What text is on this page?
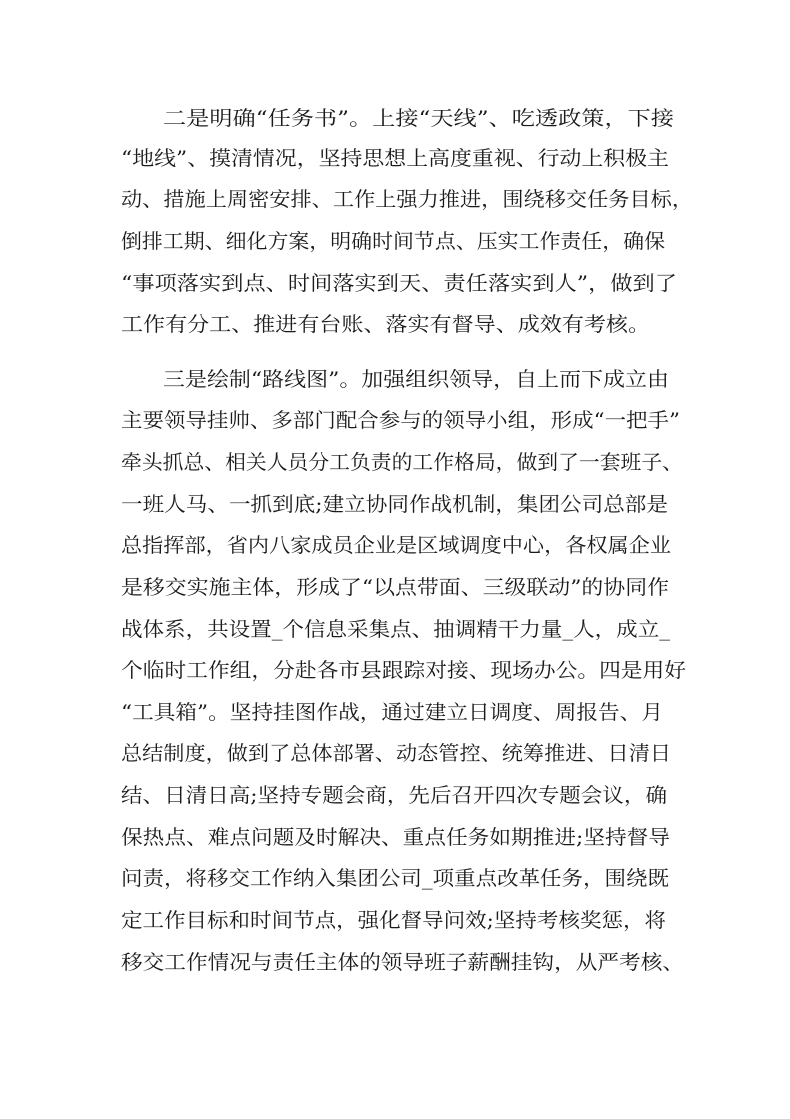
二是明确“任务书”。上接“天线”、吃透政策，下接
“地线”、摸清情况，坚持思想上高度重视、行动上积极主
动、措施上周密安排、工作上强力推进，围绕移交任务目标，
倒排工期、细化方案，明确时间节点、压实工作责任，确保
“事项落实到点、时间落实到天、责任落实到人”，做到了
工作有分工、推进有台账、落实有督导、成效有考核。
三是绘制“路线图”。加强组织领导，自上而下成立由
主要领导挂帅、多部门配合参与的领导小组，形成“一把手”
牵头抓总、相关人员分工负责的工作格局，做到了一套班子、
一班人马、一抓到底;建立协同作战机制，集团公司总部是
总指挥部，省内八家成员企业是区域调度中心，各权属企业
是移交实施主体，形成了“以点带面、三级联动”的协同作
战体系，共设置_个信息采集点、抽调精干力量_人，成立_
个临时工作组，分赴各市县跟踪对接、现场办公。四是用好
“工具箱”。坚持挂图作战，通过建立日调度、周报告、月
总结制度，做到了总体部署、动态管控、统筹推进、日清日
结、日清日高;坚持专题会商，先后召开四次专题会议，确
保热点、难点问题及时解决、重点任务如期推进;坚持督导
问责，将移交工作纳入集团公司_项重点改革任务，围绕既
定工作目标和时间节点，强化督导问效;坚持考核奖惩，将
移交工作情况与责任主体的领导班子薪酬挂钩，从严考核、
